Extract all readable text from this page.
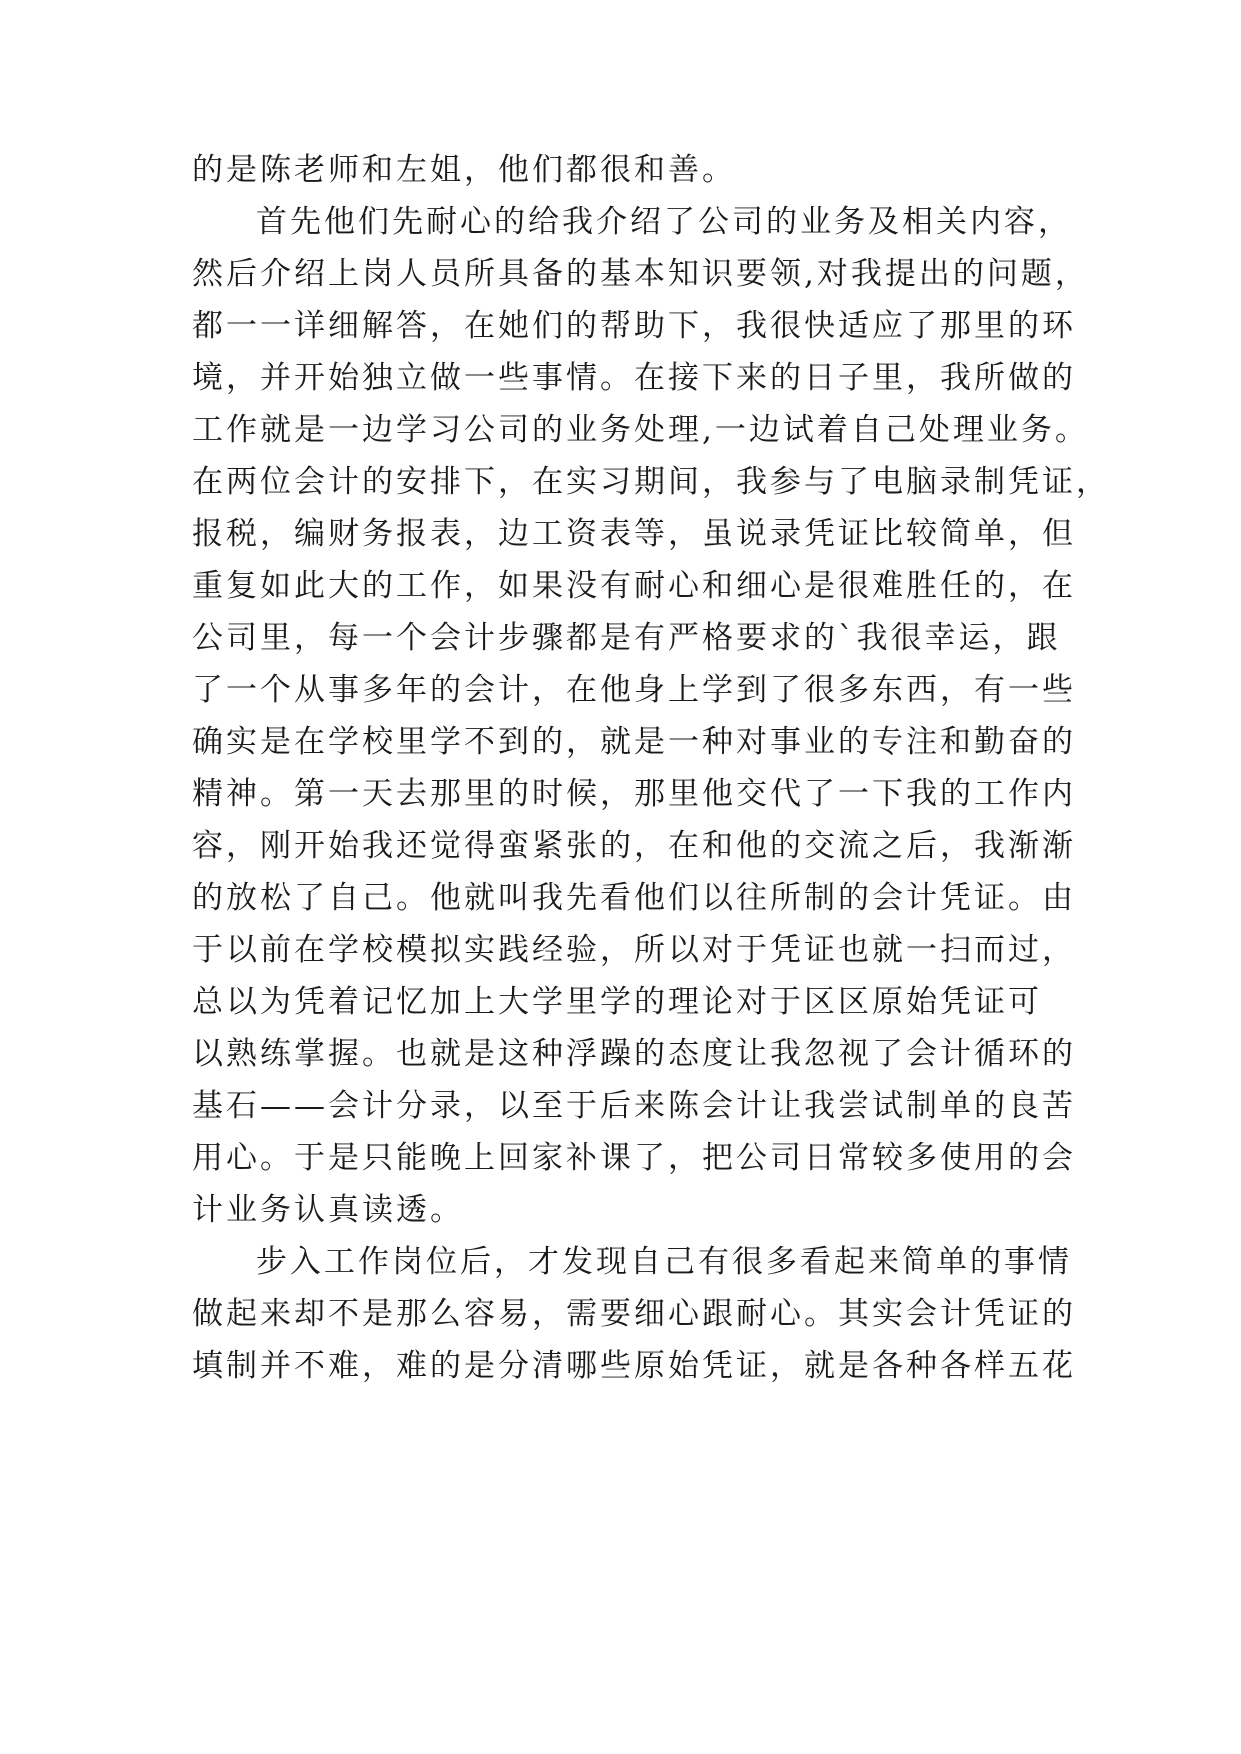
的是陈老师和左姐，他们都很和善。
首先他们先耐心的给我介绍了公司的业务及相关内容，
然后介绍上岗人员所具备的基本知识要领,对我提出的问题，
都一一详细解答，在她们的帮助下，我很快适应了那里的环
境，并开始独立做一些事情。在接下来的日子里，我所做的
工作就是一边学习公司的业务处理,一边试着自己处理业务。
在两位会计的安排下，在实习期间，我参与了电脑录制凭证，
报税，编财务报表，边工资表等，虽说录凭证比较简单，但
重复如此大的工作，如果没有耐心和细心是很难胜任的，在
公司里，每一个会计步骤都是有严格要求的`我很幸运，跟
了一个从事多年的会计，在他身上学到了很多东西，有一些
确实是在学校里学不到的，就是一种对事业的专注和勤奋的
精神。第一天去那里的时候，那里他交代了一下我的工作内
容，刚开始我还觉得蛮紧张的，在和他的交流之后，我渐渐
的放松了自己。他就叫我先看他们以往所制的会计凭证。由
于以前在学校模拟实践经验，所以对于凭证也就一扫而过，
总以为凭着记忆加上大学里学的理论对于区区原始凭证可
以熟练掌握。也就是这种浮躁的态度让我忽视了会计循环的
基石——会计分录，以至于后来陈会计让我尝试制单的良苦
用心。于是只能晚上回家补课了，把公司日常较多使用的会
计业务认真读透。
步入工作岗位后，才发现自己有很多看起来简单的事情
做起来却不是那么容易，需要细心跟耐心。其实会计凭证的
填制并不难，难的是分清哪些原始凭证，就是各种各样五花
